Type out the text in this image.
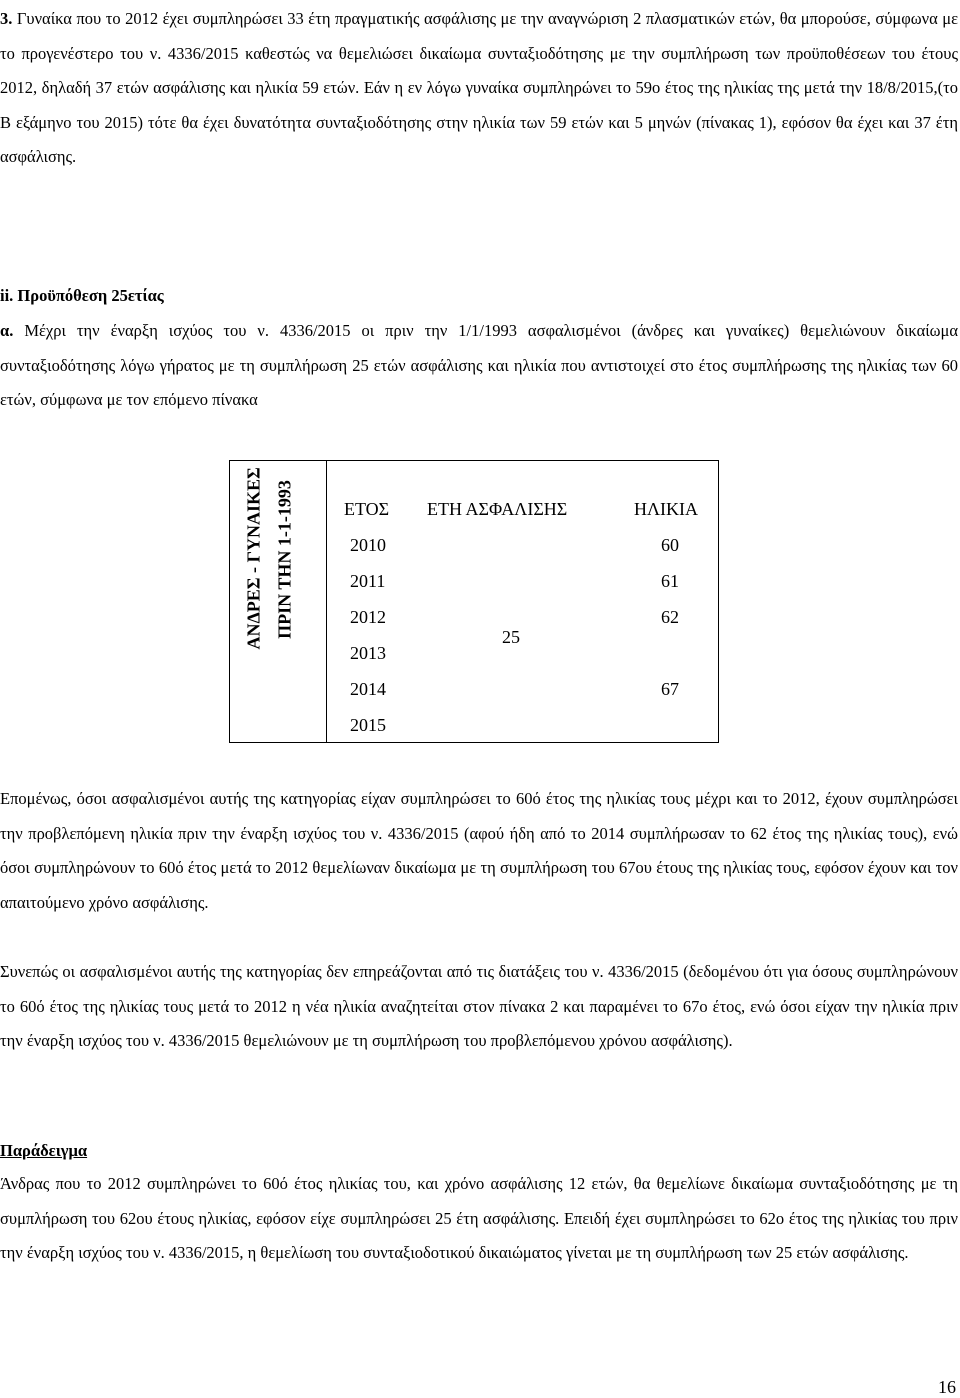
3. Γυναίκα που το 2012 έχει συμπληρώσει 33 έτη πραγματικής ασφάλισης με την αναγνώριση 2 πλασματικών ετών, θα μπορούσε, σύμφωνα με το προγενέστερο του ν. 4336/2015 καθεστώς να θεμελιώσει δικαίωμα συνταξιοδότησης με την συμπλήρωση των προϋποθέσεων του έτους 2012, δηλαδή 37 ετών ασφάλισης και ηλικία 59 ετών. Εάν η εν λόγω γυναίκα συμπληρώνει το 59ο έτος της ηλικίας της μετά την 18/8/2015,(το Β εξάμηνο του 2015) τότε θα έχει δυνατότητα συνταξιοδότησης στην ηλικία των 59 ετών και 5 μηνών (πίνακας 1), εφόσον θα έχει και 37 έτη ασφάλισης.
ii. Προϋπόθεση 25ετίας
α. Μέχρι την έναρξη ισχύος του ν. 4336/2015 οι πριν την 1/1/1993 ασφαλισμένοι (άνδρες και γυναίκες) θεμελιώνουν δικαίωμα συνταξιοδότησης λόγω γήρατος με τη συμπλήρωση 25 ετών ασφάλισης και ηλικία που αντιστοιχεί στο έτος συμπλήρωσης της ηλικίας των 60 ετών, σύμφωνα με τον επόμενο πίνακα
ΑΝΔΡΕΣ - ΓΥΝΑΙΚΕΣ ΠΡΙΝ ΤΗΝ 1-1-1993	ΕΤΟΣ ΕΤΗ ΑΣΦΑΛΙΣΗΣ	ΗΛΙΚΙΑ
2010
2011
2012
2013
2014
2015
25
60
61
62
67
Επομένως, όσοι ασφαλισμένοι αυτής της κατηγορίας είχαν συμπληρώσει το 60ό έτος της ηλικίας τους μέχρι και το 2012, έχουν συμπληρώσει την προβλεπόμενη ηλικία πριν την έναρξη ισχύος του ν. 4336/2015 (αφού ήδη από το 2014 συμπλήρωσαν το 62 έτος της ηλικίας τους), ενώ όσοι συμπληρώνουν το 60ό έτος μετά το 2012 θεμελίωναν δικαίωμα με τη συμπλήρωση του 67ου έτους της ηλικίας τους, εφόσον έχουν και τον απαιτούμενο χρόνο ασφάλισης.
Συνεπώς οι ασφαλισμένοι αυτής της κατηγορίας δεν επηρεάζονται από τις διατάξεις του ν. 4336/2015 (δεδομένου ότι για όσους συμπληρώνουν το 60ό έτος της ηλικίας τους μετά το 2012 η νέα ηλικία αναζητείται στον πίνακα 2 και παραμένει το 67ο έτος, ενώ όσοι είχαν την ηλικία πριν την έναρξη ισχύος του ν. 4336/2015 θεμελιώνουν με τη συμπλήρωση του προβλεπόμενου χρόνου ασφάλισης).
Παράδειγμα
Άνδρας που το 2012 συμπληρώνει το 60ό έτος ηλικίας του, και χρόνο ασφάλισης 12 ετών, θα θεμελίωνε δικαίωμα συνταξιοδότησης με τη συμπλήρωση του 62ου έτους ηλικίας, εφόσον είχε συμπληρώσει 25 έτη ασφάλισης. Επειδή έχει συμπληρώσει το 62ο έτος της ηλικίας του πριν την έναρξη ισχύος του ν. 4336/2015, η θεμελίωση του συνταξιοδοτικού δικαιώματος γίνεται με τη συμπλήρωση των 25 ετών ασφάλισης.
16
